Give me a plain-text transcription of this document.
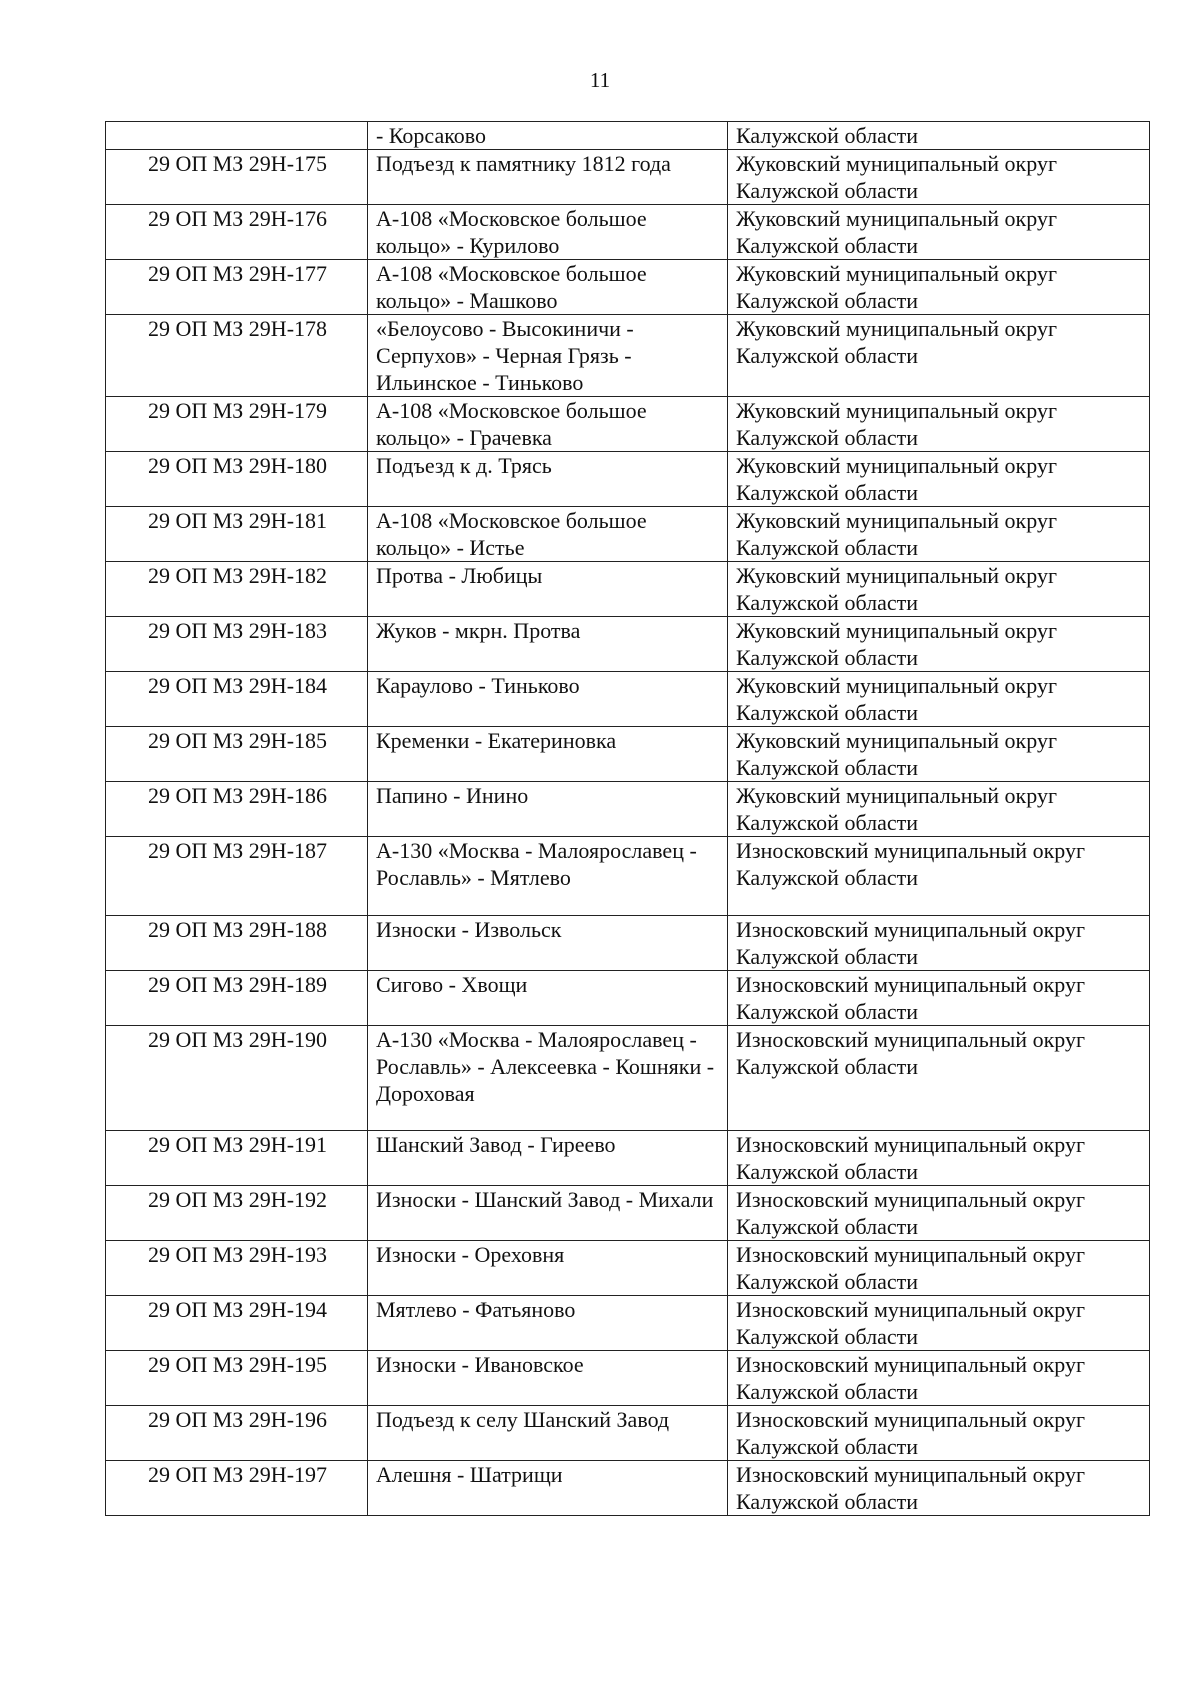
11
	- Корсаково	Калужской области
29 ОП МЗ 29Н-175	Подъезд к памятнику 1812 года	Жуковский муниципальный округ Калужской области
29 ОП МЗ 29Н-176	А-108 «Московское большое кольцо» - Курилово	Жуковский муниципальный округ Калужской области
29 ОП МЗ 29Н-177	А-108 «Московское большое кольцо» - Машково	Жуковский муниципальный округ Калужской области
29 ОП МЗ 29Н-178	«Белоусово - Высокиничи - Серпухов» - Черная Грязь - Ильинское - Тиньково	Жуковский муниципальный округ Калужской области
29 ОП МЗ 29Н-179	А-108 «Московское большое кольцо» - Грачевка	Жуковский муниципальный округ Калужской области
29 ОП МЗ 29Н-180	Подъезд к д. Трясь	Жуковский муниципальный округ Калужской области
29 ОП МЗ 29Н-181	А-108 «Московское большое кольцо» - Истье	Жуковский муниципальный округ Калужской области
29 ОП МЗ 29Н-182	Протва - Любицы	Жуковский муниципальный округ Калужской области
29 ОП МЗ 29Н-183	Жуков - мкрн. Протва	Жуковский муниципальный округ Калужской области
29 ОП МЗ 29Н-184	Караулово - Тиньково	Жуковский муниципальный округ Калужской области
29 ОП МЗ 29Н-185	Кременки - Екатериновка	Жуковский муниципальный округ Калужской области
29 ОП МЗ 29Н-186	Папино - Инино	Жуковский муниципальный округ Калужской области
29 ОП МЗ 29Н-187	А-130 «Москва - Малоярославец - Рославль» - Мятлево	Износковский муниципальный округ Калужской области
29 ОП МЗ 29Н-188	Износки - Извольск	Износковский муниципальный округ Калужской области
29 ОП МЗ 29Н-189	Сигово - Хвощи	Износковский муниципальный округ Калужской области
29 ОП МЗ 29Н-190	А-130 «Москва - Малоярославец - Рославль» - Алексеевка - Кошняки - Дороховая	Износковский муниципальный округ Калужской области
29 ОП МЗ 29Н-191	Шанский Завод - Гиреево	Износковский муниципальный округ Калужской области
29 ОП МЗ 29Н-192	Износки - Шанский Завод - Михали	Износковский муниципальный округ Калужской области
29 ОП МЗ 29Н-193	Износки - Ореховня	Износковский муниципальный округ Калужской области
29 ОП МЗ 29Н-194	Мятлево - Фатьяново	Износковский муниципальный округ Калужской области
29 ОП МЗ 29Н-195	Износки - Ивановское	Износковский муниципальный округ Калужской области
29 ОП МЗ 29Н-196	Подъезд к селу Шанский Завод	Износковский муниципальный округ Калужской области
29 ОП МЗ 29Н-197	Алешня - Шатрищи	Износковский муниципальный округ Калужской области
